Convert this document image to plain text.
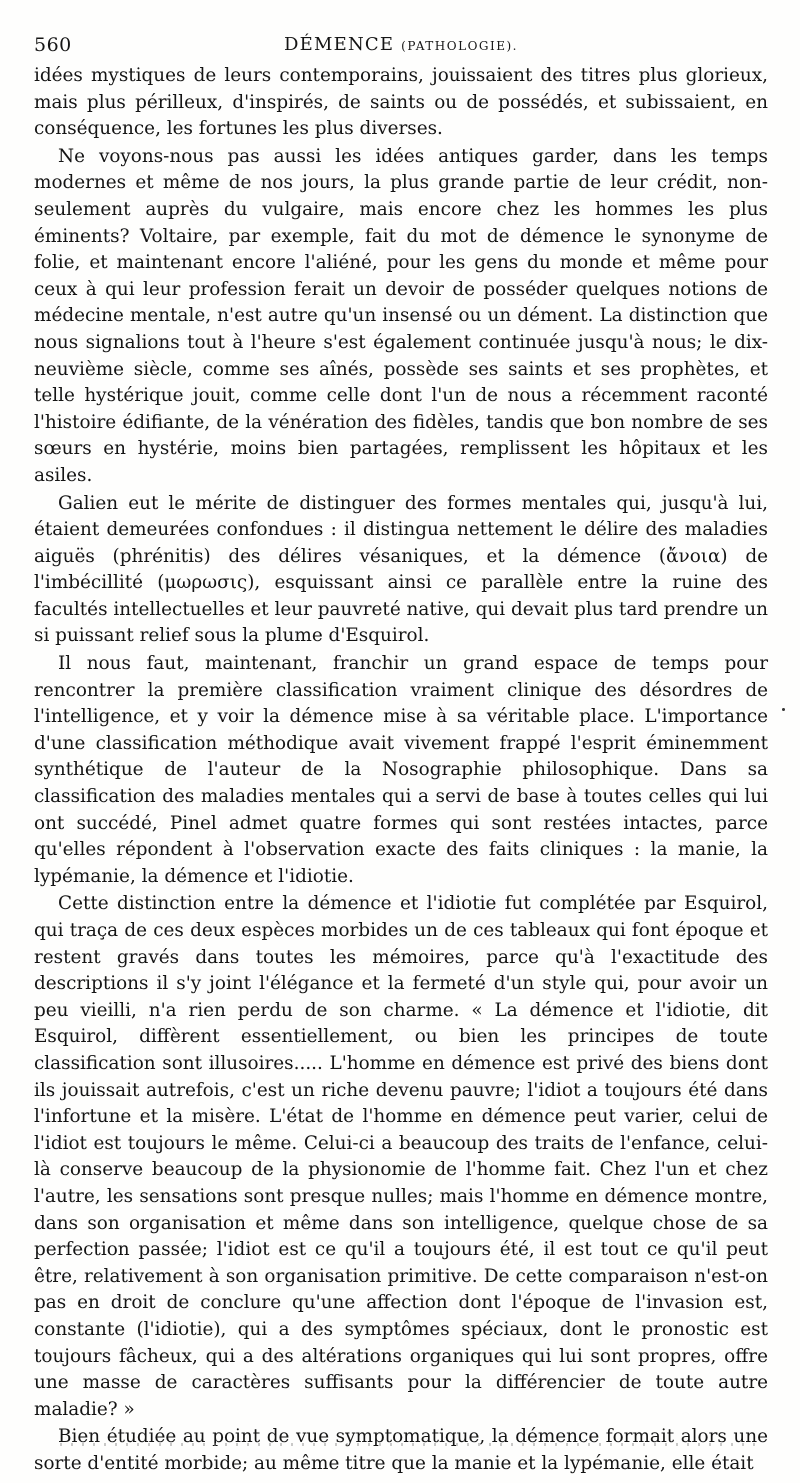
560	DÉMENCE (PATHOLOGIE).

idées mystiques de leurs contemporains, jouissaient des titres plus glorieux, mais plus périlleux, d'inspirés, de saints ou de possédés, et subissaient, en conséquence, les fortunes les plus diverses.

Ne voyons-nous pas aussi les idées antiques garder, dans les temps modernes et même de nos jours, la plus grande partie de leur crédit, non-seulement auprès du vulgaire, mais encore chez les hommes les plus éminents? Voltaire, par exemple, fait du mot de démence le synonyme de folie, et maintenant encore l'aliéné, pour les gens du monde et même pour ceux à qui leur profession ferait un devoir de posséder quelques notions de médecine mentale, n'est autre qu'un insensé ou un dément. La distinction que nous signalions tout à l'heure s'est également continuée jusqu'à nous; le dix-neuvième siècle, comme ses aînés, possède ses saints et ses prophètes, et telle hystérique jouit, comme celle dont l'un de nous a récemment raconté l'histoire édifiante, de la vénération des fidèles, tandis que bon nombre de ses sœurs en hystérie, moins bien partagées, remplissent les hôpitaux et les asiles.

Galien eut le mérite de distinguer des formes mentales qui, jusqu'à lui, étaient demeurées confondues : il distingua nettement le délire des maladies aiguës (phrénitis) des délires vésaniques, et la démence (ἄνοια) de l'imbécillité (μωρωσις), esquissant ainsi ce parallèle entre la ruine des facultés intellectuelles et leur pauvreté native, qui devait plus tard prendre un si puissant relief sous la plume d'Esquirol.

Il nous faut, maintenant, franchir un grand espace de temps pour rencontrer la première classification vraiment clinique des désordres de l'intelligence, et y voir la démence mise à sa véritable place. L'importance d'une classification méthodique avait vivement frappé l'esprit éminemment synthétique de l'auteur de la Nosographie philosophique. Dans sa classification des maladies mentales qui a servi de base à toutes celles qui lui ont succédé, Pinel admet quatre formes qui sont restées intactes, parce qu'elles répondent à l'observation exacte des faits cliniques : la manie, la lypémanie, la démence et l'idiotie.

Cette distinction entre la démence et l'idiotie fut complétée par Esquirol, qui traça de ces deux espèces morbides un de ces tableaux qui font époque et restent gravés dans toutes les mémoires, parce qu'à l'exactitude des descriptions il s'y joint l'élégance et la fermeté d'un style qui, pour avoir un peu vieilli, n'a rien perdu de son charme. « La démence et l'idiotie, dit Esquirol, diffèrent essentiellement, ou bien les principes de toute classification sont illusoires..... L'homme en démence est privé des biens dont ils jouissait autrefois, c'est un riche devenu pauvre; l'idiot a toujours été dans l'infortune et la misère. L'état de l'homme en démence peut varier, celui de l'idiot est toujours le même. Celui-ci a beaucoup des traits de l'enfance, celui-là conserve beaucoup de la physionomie de l'homme fait. Chez l'un et chez l'autre, les sensations sont presque nulles; mais l'homme en démence montre, dans son organisation et même dans son intelligence, quelque chose de sa perfection passée; l'idiot est ce qu'il a toujours été, il est tout ce qu'il peut être, relativement à son organisation primitive. De cette comparaison n'est-on pas en droit de conclure qu'une affection dont l'époque de l'invasion est, constante (l'idiotie), qui a des symptômes spéciaux, dont le pronostic est toujours fâcheux, qui a des altérations organiques qui lui sont propres, offre une masse de caractères suffisants pour la différencier de toute autre maladie? »

Bien étudiée au point de vue symptomatique, la démence formait alors une sorte d'entité morbide; au même titre que la manie et la lypémanie, elle était
